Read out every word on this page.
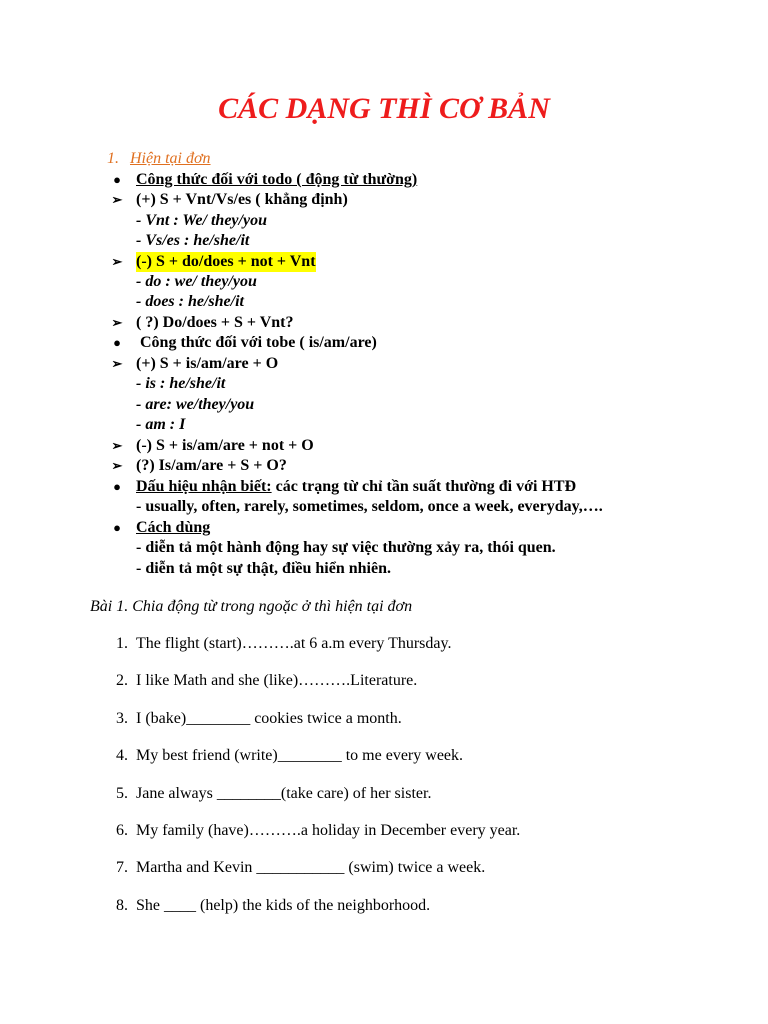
CÁC DẠNG THÌ CƠ BẢN
1. Hiện tại đơn
● Công thức đối với todo ( động từ thường)
➢ (+) S + Vnt/Vs/es ( khẳng định)
- Vnt : We/ they/you
- Vs/es : he/she/it
➢ (-) S + do/does + not + Vnt
- do : we/ they/you
- does : he/she/it
➢ ( ?) Do/does + S + Vnt?
●	Công thức đối với tobe ( is/am/are)
➢ (+) S + is/am/are + O
- is : he/she/it
- are: we/they/you
- am : I
➢ (-) S + is/am/are + not + O
➢ (?) Is/am/are + S + O?
● Dấu hiệu nhận biết: các trạng từ chỉ tần suất thường đi với HTĐ
- usually, often, rarely, sometimes, seldom, once a week, everyday,….
● Cách dùng
- diễn tả một hành động hay sự việc thường xảy ra, thói quen.
- diễn tả một sự thật, điều hiển nhiên.
Bài 1. Chia động từ trong ngoặc ở thì hiện tại đơn
1. The flight (start)……….at 6 a.m every Thursday.
2. I like Math and she (like)……….Literature.
3. I (bake)________ cookies twice a month.
4. My best friend (write)________ to me every week.
5. Jane always ________(take care) of her sister.
6. My family (have)……….a holiday in December every year.
7. Martha and Kevin ___________ (swim) twice a week.
8. She ____ (help) the kids of the neighborhood.
